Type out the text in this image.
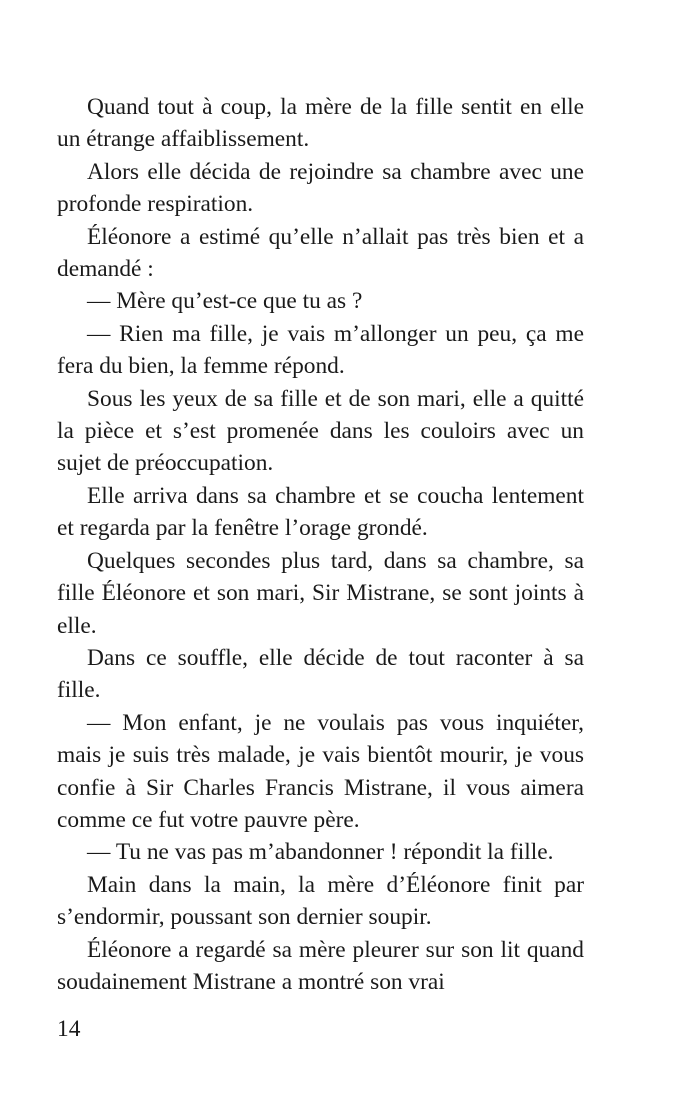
Quand tout à coup, la mère de la fille sentit en elle un étrange affaiblissement.

Alors elle décida de rejoindre sa chambre avec une profonde respiration.

Éléonore a estimé qu’elle n’allait pas très bien et a demandé :

— Mère qu’est-ce que tu as ?

— Rien ma fille, je vais m’allonger un peu, ça me fera du bien, la femme répond.

Sous les yeux de sa fille et de son mari, elle a quitté la pièce et s’est promenée dans les couloirs avec un sujet de préoccupation.

Elle arriva dans sa chambre et se coucha lentement et regarda par la fenêtre l’orage grondé.

Quelques secondes plus tard, dans sa chambre, sa fille Éléonore et son mari, Sir Mistrane, se sont joints à elle.

Dans ce souffle, elle décide de tout raconter à sa fille.

— Mon enfant, je ne voulais pas vous inquiéter, mais je suis très malade, je vais bientôt mourir, je vous confie à Sir Charles Francis Mistrane, il vous aimera comme ce fut votre pauvre père.

— Tu ne vas pas m’abandonner ! répondit la fille.

Main dans la main, la mère d’Éléonore finit par s’endormir, poussant son dernier soupir.

Éléonore a regardé sa mère pleurer sur son lit quand soudainement Mistrane a montré son vrai

14
